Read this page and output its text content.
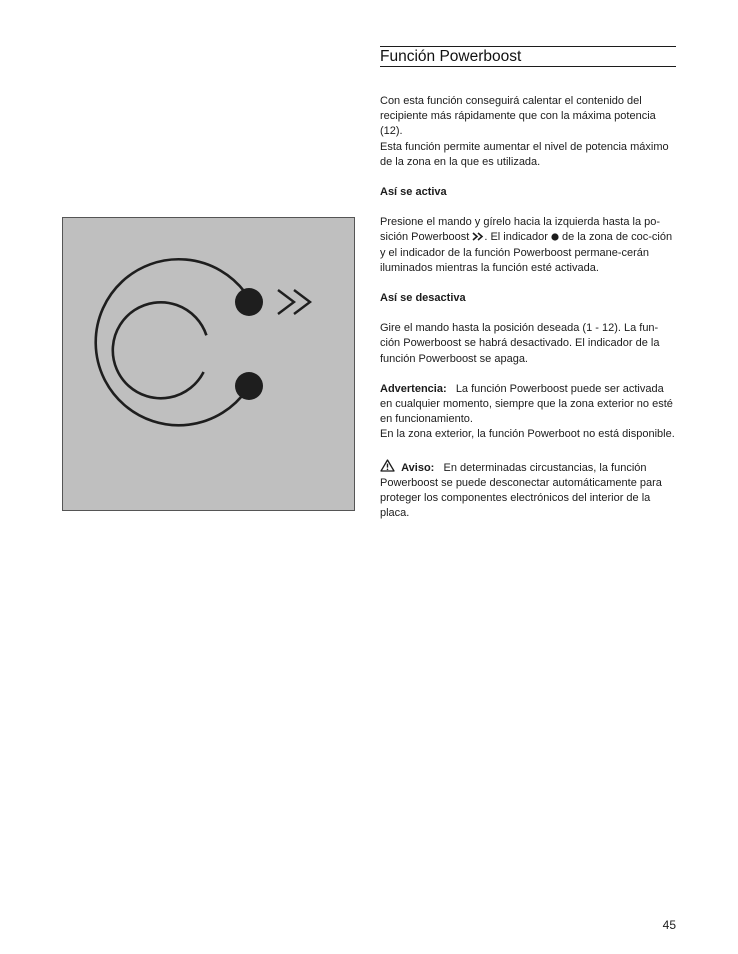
Función Powerboost

Con esta función conseguirá calentar el contenido del recipiente más rápidamente que con la máxima potencia (12).

Esta función permite aumentar el nivel de potencia máximo de la zona en la que es utilizada.

Así se activa

Presione el mando y gírelo hacia la izquierda hasta la po-sición Powerboost . El indicador  de la zona de coc-ción y el indicador de la función Powerboost permane-cerán iluminados mientras la función esté activada.

Así se desactiva

Gire el mando hasta la posición deseada (1 - 12). La fun-ción Powerboost se habrá desactivado. El indicador de la función Powerboost se apaga.

Advertencia: La función Powerboost puede ser activada en cualquier momento, siempre que la zona exterior no esté en funcionamiento.

En la zona exterior, la función Powerboot no está disponible.

Aviso: En determinadas circustancias, la función Powerboost se puede desconectar automáticamente para proteger los componentes electrónicos del interior de la placa.

45
